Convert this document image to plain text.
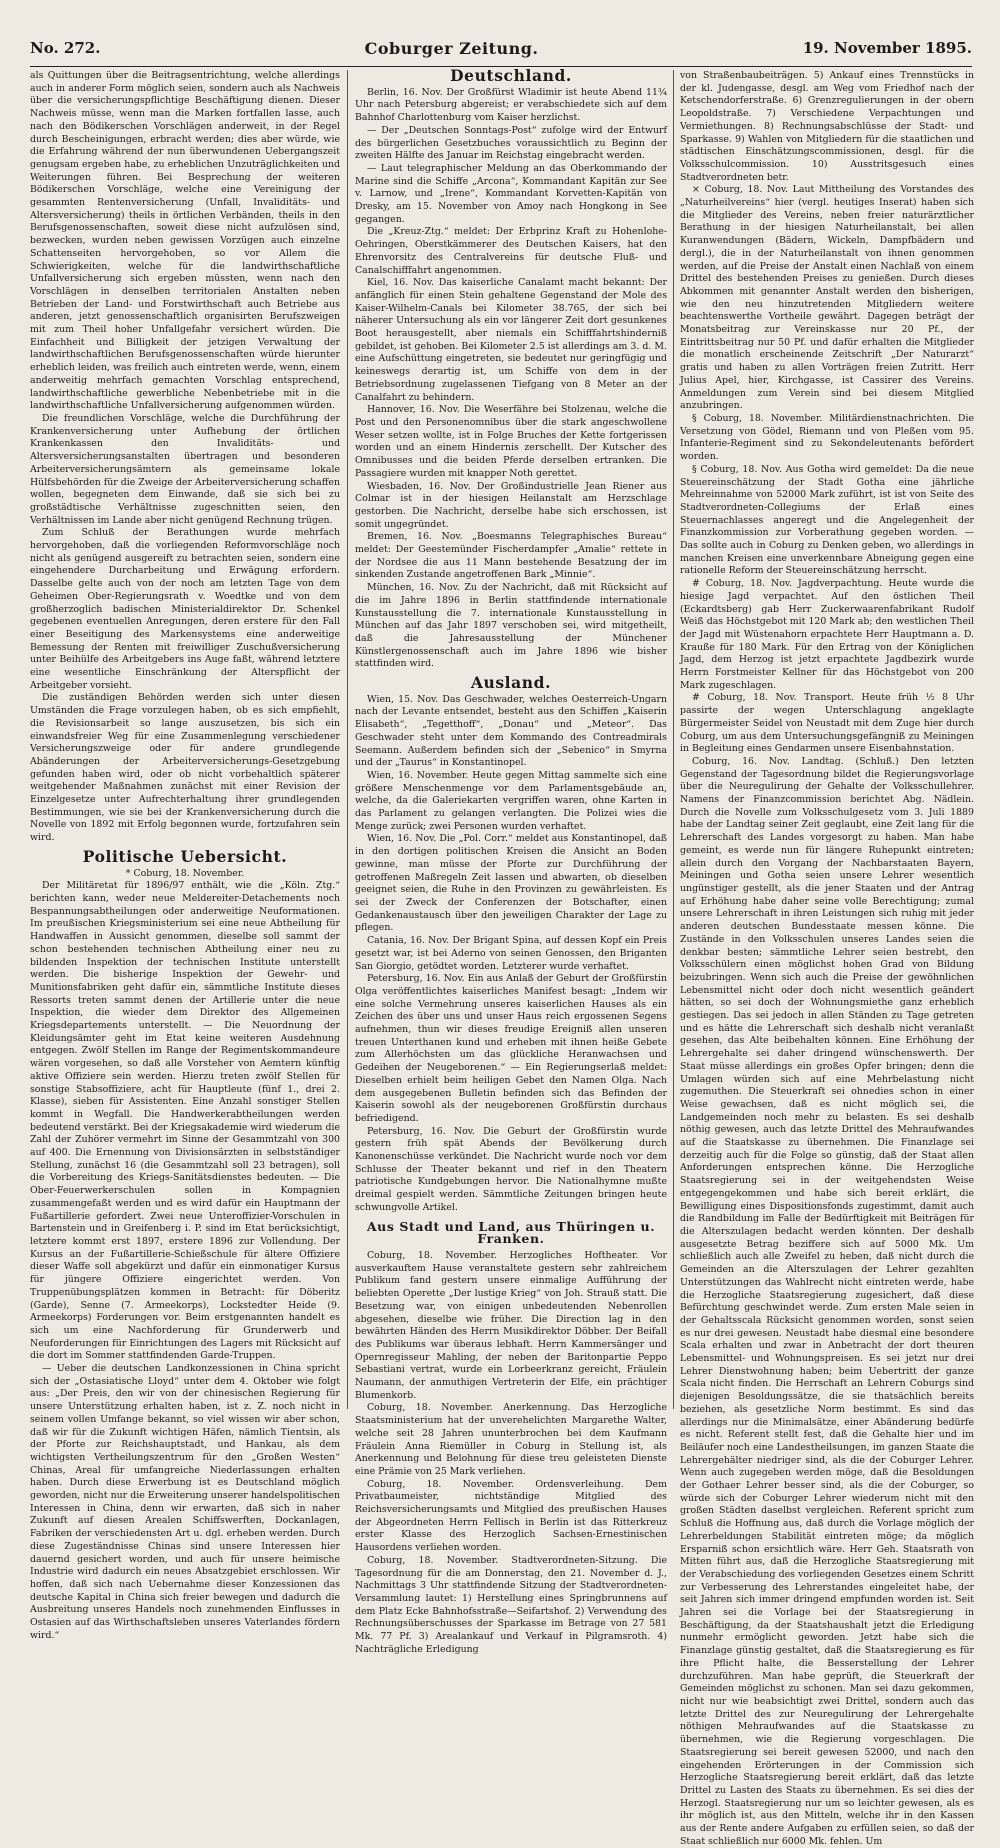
No. 272.	Coburger Zeitung.	19. November 1895.

als Quittungen über die Beitragsentrichtung, welche allerdings auch in anderer Form möglich seien, sondern auch als Nachweis über die versicherungspflichtige Beschäftigung dienen. Dieser Nachweis müsse, wenn man die Marken fortfallen lasse, auch nach den Bödikerschen Vorschlägen anderweit, in der Regel durch Bescheinigungen, erbracht werden; dies aber würde, wie die Erfahrung während der nun überwundenen Uebergangszeit genugsam ergeben habe, zu erheblichen Unzuträglichkeiten und Weiterungen führen. Bei Besprechung der weiteren Bödikerschen Vorschläge, welche eine Vereinigung der gesammten Rentenversicherung (Unfall, Invaliditäts- und Altersversicherung) theils in örtlichen Verbänden, theils in den Berufsgenossenschaften, soweit diese nicht aufzulösen sind, bezwecken, wurden neben gewissen Vorzügen auch einzelne Schattenseiten hervorgehoben, so vor Allem die Schwierigkeiten, welche für die landwirthschaftliche Unfallversicherung sich ergeben müssten, wenn nach den Vorschlägen in denselben territorialen Anstalten neben Betrieben der Land- und Forstwirthschaft auch Betriebe aus anderen, jetzt genossenschaftlich organisirten Berufszweigen mit zum Theil hoher Unfallgefahr versichert würden. Die Einfachheit und Billigkeit der jetzigen Verwaltung der landwirthschaftlichen Berufsgenossenschaften würde hierunter erheblich leiden, was freilich auch eintreten werde, wenn, einem anderweitig mehrfach gemachten Vorschlag entsprechend, landwirthschaftliche gewerbliche Nebenbetriebe mit in die landwirthschaftliche Unfallversicherung aufgenommen würden.

Die freundlichen Vorschläge, welche die Durchführung der Krankenversicherung unter Aufhebung der örtlichen Krankenkassen den Invaliditäts- und Altersversicherungsanstalten übertragen und besonderen Arbeiterversicherungsämtern als gemeinsame lokale Hülfsbehörden für die Zweige der Arbeiterversicherung schaffen wollen, begegneten dem Einwande, daß sie sich bei zu großstädtische Verhältnisse zugeschnitten seien, den Verhältnissen im Lande aber nicht genügend Rechnung trügen.

Zum Schluß der Berathungen wurde mehrfach hervorgehoben, daß die vorliegenden Reformvorschläge noch nicht als genügend ausgereift zu betrachten seien, sondern eine eingehendere Durcharbeitung und Erwägung erfordern. Dasselbe gelte auch von der noch am letzten Tage von dem Geheimen Ober-Regierungsrath v. Woedtke und von dem großherzoglich badischen Ministerialdirektor Dr. Schenkel gegebenen eventuellen Anregungen, deren erstere für den Fall einer Beseitigung des Markensystems eine anderweitige Bemessung der Renten mit freiwilliger Zuschußversicherung unter Beihülfe des Arbeitgebers ins Auge faßt, während letztere eine wesentliche Einschränkung der Alterspflicht der Arbeitgeber vorsieht.

Die zuständigen Behörden werden sich unter diesen Umständen die Frage vorzulegen haben, ob es sich empfiehlt, die Revisionsarbeit so lange auszusetzen, bis sich ein einwandsfreier Weg für eine Zusammenlegung verschiedener Versicherungszweige oder für andere grundlegende Abänderungen der Arbeiterversicherungs-Gesetzgebung gefunden haben wird, oder ob nicht vorbehaltlich späterer weitgehender Maßnahmen zunächst mit einer Revision der Einzelgesetze unter Aufrechterhaltung ihrer grundlegenden Bestimmungen, wie sie bei der Krankenversicherung durch die Novelle von 1892 mit Erfolg begonnen wurde, fortzufahren sein wird.

Politische Uebersicht.

* Coburg, 18. November.

Der Militäretat für 1896/97 enthält, wie die „Köln. Ztg.“ berichten kann, weder neue Meldereiter-Detachements noch Bespannungsabtheilungen oder anderweitige Neuformationen. Im preußischen Kriegsministerium sei eine neue Abtheilung für Handwaffen in Aussicht genommen, dieselbe soll sammt der schon bestehenden technischen Abtheilung einer neu zu bildenden Inspektion der technischen Institute unterstellt werden. Die bisherige Inspektion der Gewehr- und Munitionsfabriken geht dafür ein, sämmtliche Institute dieses Ressorts treten sammt denen der Artillerie unter die neue Inspektion, die wieder dem Direktor des Allgemeinen Kriegsdepartements unterstellt. — Die Neuordnung der Kleidungsämter geht im Etat keine weiteren Ausdehnung entgegen. Zwölf Stellen im Range der Regimentskommandeure wären vorgesehen, so daß alle Vorsteher von Aemtern künftig aktive Offiziere sein werden. Hierzu treten zwölf Stellen für sonstige Stabsoffiziere, acht für Hauptleute (fünf 1., drei 2. Klasse), sieben für Assistenten. Eine Anzahl sonstiger Stellen kommt in Wegfall. Die Handwerkerabtheilungen werden bedeutend verstärkt. Bei der Kriegsakademie wird wiederum die Zahl der Zuhörer vermehrt im Sinne der Gesammtzahl von 300 auf 400. Die Ernennung von Divisionsärzten in selbstständiger Stellung, zunächst 16 (die Gesammtzahl soll 23 betragen), soll die Vorbereitung des Kriegs-Sanitätsdienstes bedeuten. — Die Ober-Feuerwerkerschulen sollen in Kompagnien zusammengefaßt werden und es wird dafür ein Hauptmann der Fußartillerie gefordert. Zwei neue Unteroffizier-Vorschulen in Bartenstein und in Greifenberg i. P. sind im Etat berücksichtigt, letztere kommt erst 1897, erstere 1896 zur Vollendung. Der Kursus an der Fußartillerie-Schießschule für ältere Offiziere dieser Waffe soll abgekürzt und dafür ein einmonatiger Kursus für jüngere Offiziere eingerichtet werden. Von Truppenübungsplätzen kommen in Betracht: für Döberitz (Garde), Senne (7. Armeekorps), Lockstedter Heide (9. Armeekorps) Forderungen vor. Beim erstgenannten handelt es sich um eine Nachforderung für Grunderwerb und Neuforderungen für Einrichtungen des Lagers mit Rücksicht auf die dort im Sommer stattfindenden Garde-Truppen.

— Ueber die deutschen Landkonzessionen in China spricht sich der „Ostasiatische Lloyd“ unter dem 4. Oktober wie folgt aus: „Der Preis, den wir von der chinesischen Regierung für unsere Unterstützung erhalten haben, ist z. Z. noch nicht in seinem vollen Umfange bekannt, so viel wissen wir aber schon, daß wir für die Zukunft wichtigen Häfen, nämlich Tientsin, als der Pforte zur Reichshauptstadt, und Hankau, als dem wichtigsten Vertheilungszentrum für den „Großen Westen“ Chinas, Areal für umfangreiche Niederlassungen erhalten haben. Durch diese Erwerbung ist es Deutschland möglich geworden, nicht nur die Erweiterung unserer handelspolitischen Interessen in China, denn wir erwarten, daß sich in naher Zukunft auf diesen Arealen Schiffswerften, Dockanlagen, Fabriken der verschiedensten Art u. dgl. erheben werden. Durch diese Zugeständnisse Chinas sind unsere Interessen hier dauernd gesichert worden, und auch für unsere heimische Industrie wird dadurch ein neues Absatzgebiet erschlossen. Wir hoffen, daß sich nach Uebernahme dieser Konzessionen das deutsche Kapital in China sich freier bewegen und dadurch die Ausbreitung unseres Handels noch zunehmenden Einflusses in Ostasien auf das Wirthschaftsleben unseres Vaterlandes fördern wird.“

Deutschland.

Berlin, 16. Nov. Der Großfürst Wladimir ist heute Abend 11¾ Uhr nach Petersburg abgereist; er verabschiedete sich auf dem Bahnhof Charlottenburg vom Kaiser herzlichst.

— Der „Deutschen Sonntags-Post“ zufolge wird der Entwurf des bürgerlichen Gesetzbuches voraussichtlich zu Beginn der zweiten Hälfte des Januar im Reichstag eingebracht werden.

— Laut telegraphischer Meldung an das Oberkommando der Marine sind die Schiffe „Arcona“, Kommandant Kapitän zur See v. Larnow, und „Irene“, Kommandant Korvetten-Kapitän von Dresky, am 15. November von Amoy nach Hongkong in See gegangen.

Die „Kreuz-Ztg.“ meldet: Der Erbprinz Kraft zu Hohenlohe-Oehringen, Oberstkämmerer des Deutschen Kaisers, hat den Ehrenvorsitz des Centralvereins für deutsche Fluß- und Canalschifffahrt angenommen.

Kiel, 16. Nov. Das kaiserliche Canalamt macht bekannt: Der anfänglich für einen Stein gehaltene Gegenstand der Mole des Kaiser-Wilhelm-Canals bei Kilometer 38.765, der sich bei näherer Untersuchung als ein vor längerer Zeit dort gesunkenes Boot herausgestellt, aber niemals ein Schifffahrtshinderniß gebildet, ist gehoben. Bei Kilometer 2.5 ist allerdings am 3. d. M. eine Aufschüttung eingetreten, sie bedeutet nur geringfügig und keineswegs derartig ist, um Schiffe von dem in der Betriebsordnung zugelassenen Tiefgang von 8 Meter an der Canalfahrt zu behindern.

Hannover, 16. Nov. Die Weserfähre bei Stolzenau, welche die Post und den Personenomnibus über die stark angeschwollene Weser setzen wollte, ist in Folge Bruches der Kette fortgerissen worden und an einem Hindernis zerschellt. Der Kutscher des Omnibusses und die beiden Pferde derselben ertranken. Die Passagiere wurden mit knapper Noth gerettet.

Wiesbaden, 16. Nov. Der Großindustrielle Jean Riener aus Colmar ist in der hiesigen Heilanstalt am Herzschlage gestorben. Die Nachricht, derselbe habe sich erschossen, ist somit ungegründet.

Bremen, 16. Nov. „Boesmanns Telegraphisches Bureau“ meldet: Der Geestemünder Fischerdampfer „Amalie“ rettete in der Nordsee die aus 11 Mann bestehende Besatzung der im sinkenden Zustande angetroffenen Bark „Minnie“.

München, 16. Nov. Zu der Nachricht, daß mit Rücksicht auf die im Jahre 1896 in Berlin stattfindende internationale Kunstausstellung die 7. internationale Kunstausstellung in München auf das Jahr 1897 verschoben sei, wird mitgetheilt, daß die Jahresausstellung der Münchener Künstlergenossenschaft auch im Jahre 1896 wie bisher stattfinden wird.

Ausland.

Wien, 15. Nov. Das Geschwader, welches Oesterreich-Ungarn nach der Levante entsendet, besteht aus den Schiffen „Kaiserin Elisabeth“, „Tegetthoff“, „Donau“ und „Meteor“. Das Geschwader steht unter dem Kommando des Contreadmirals Seemann. Außerdem befinden sich der „Sebenico“ in Smyrna und der „Taurus“ in Konstantinopel.

Wien, 16. November. Heute gegen Mittag sammelte sich eine größere Menschenmenge vor dem Parlamentsgebäude an, welche, da die Galeriekarten vergriffen waren, ohne Karten in das Parlament zu gelangen verlangten. Die Polizei wies die Menge zurück; zwei Personen wurden verhaftet.

Wien, 16. Nov. Die „Pol. Corr.“ meldet aus Konstantinopel, daß in den dortigen politischen Kreisen die Ansicht an Boden gewinne, man müsse der Pforte zur Durchführung der getroffenen Maßregeln Zeit lassen und abwarten, ob dieselben geeignet seien, die Ruhe in den Provinzen zu gewährleisten. Es sei der Zweck der Conferenzen der Botschafter, einen Gedankenaustausch über den jeweiligen Charakter der Lage zu pflegen.

Catania, 16. Nov. Der Brigant Spina, auf dessen Kopf ein Preis gesetzt war, ist bei Aderno von seinen Genossen, den Briganten San Giorgio, getödtet worden. Letzterer wurde verhaftet.

Petersburg, 16. Nov. Ein aus Anlaß der Geburt der Großfürstin Olga veröffentlichtes kaiserliches Manifest besagt: „Indem wir eine solche Vermehrung unseres kaiserlichen Hauses als ein Zeichen des über uns und unser Haus reich ergossenen Segens aufnehmen, thun wir dieses freudige Ereigniß allen unseren treuen Unterthanen kund und erheben mit ihnen heiße Gebete zum Allerhöchsten um das glückliche Heranwachsen und Gedeihen der Neugeborenen.“ — Ein Regierungserlaß meldet: Dieselben erhielt beim heiligen Gebet den Namen Olga. Nach dem ausgegebenen Bulletin befinden sich das Befinden der Kaiserin sowohl als der neugeborenen Großfürstin durchaus befriedigend.

Petersburg, 16. Nov. Die Geburt der Großfürstin wurde gestern früh spät Abends der Bevölkerung durch Kanonenschüsse verkündet. Die Nachricht wurde noch vor dem Schlusse der Theater bekannt und rief in den Theatern patriotische Kundgebungen hervor. Die Nationalhymne mußte dreimal gespielt werden. Sämmtliche Zeitungen bringen heute schwungvolle Artikel.

Aus Stadt und Land, aus Thüringen u. Franken.

Coburg, 18. November. Herzogliches Hoftheater. Vor ausverkauftem Hause veranstaltete gestern sehr zahlreichem Publikum fand gestern unsere einmalige Aufführung der beliebten Operette „Der lustige Krieg“ von Joh. Strauß statt. Die Besetzung war, von einigen unbedeutenden Nebenrollen abgesehen, dieselbe wie früher. Die Direction lag in den bewährten Händen des Herrn Musikdirektor Döbber. Der Beifall des Publikums war überaus lebhaft. Herrn Kammersänger und Opernregisseur Mahling, der neben der Baritonpartie Peppo Sebastiani vertrat, wurde ein Lorbeerkranz gereicht, Fräulein Naumann, der anmuthigen Vertreterin der Elfe, ein prächtiger Blumenkorb.

Coburg, 18. November. Anerkennung. Das Herzogliche Staatsministerium hat der unverehelichten Margarethe Walter, welche seit 28 Jahren ununterbrochen bei dem Kaufmann Fräulein Anna Riemüller in Coburg in Stellung ist, als Anerkennung und Belohnung für diese treu geleisteten Dienste eine Prämie von 25 Mark verliehen.

Coburg, 18. November. Ordensverleihung. Dem Privatbaumeister, nichtständige Mitglied des Reichsversicherungsamts und Mitglied des preußischen Hauses der Abgeordneten Herrn Fellisch in Berlin ist das Ritterkreuz erster Klasse des Herzoglich Sachsen-Ernestinischen Hausordens verliehen worden.

Coburg, 18. November. Stadtverordneten-Sitzung. Die Tagesordnung für die am Donnerstag, den 21. November d. J., Nachmittags 3 Uhr stattfindende Sitzung der Stadtverordneten-Versammlung lautet: 1) Herstellung eines Springbrunnens auf dem Platz Ecke Bahnhofsstraße—Seifartshof. 2) Verwendung des Rechnungsüberschusses der Sparkasse im Betrage von 27 581 Mk. 77 Pf. 3) Arealankauf und Verkauf in Pilgramsroth. 4) Nachträgliche Erledigung

von Straßenbaubeiträgen. 5) Ankauf eines Trennstücks in der kl. Judengasse, desgl. am Weg vom Friedhof nach der Ketschendorferstraße. 6) Grenzregulierungen in der obern Leopoldstraße. 7) Verschiedene Verpachtungen und Vermiethungen. 8) Rechnungsabschlüsse der Stadt- und Sparkasse. 9) Wahlen von Mitgliedern für die staatlichen und städtischen Einschätzungscommissionen, desgl. für die Volksschulcommission. 10) Ausstritsgesuch eines Stadtverordneten betr.

× Coburg, 18. Nov. Laut Mittheilung des Vorstandes des „Naturheilvereins“ hier (vergl. heutiges Inserat) haben sich die Mitglieder des Vereins, neben freier naturärztlicher Berathung in der hiesigen Naturheilanstalt, bei allen Kuranwendungen (Bädern, Wickeln, Dampfbädern und dergl.), die in der Naturheilanstalt von ihnen genommen werden, auf die Preise der Anstalt einen Nachlaß von einem Drittel des bestehenden Preises zu genießen. Durch dieses Abkommen mit genannter Anstalt werden den bisherigen, wie den neu hinzutretenden Mitgliedern weitere beachtenswerthe Vortheile gewährt. Dagegen beträgt der Monatsbeitrag zur Vereinskasse nur 20 Pf., der Eintrittsbeitrag nur 50 Pf. und dafür erhalten die Mitglieder die monatlich erscheinende Zeitschrift „Der Naturarzt“ gratis und haben zu allen Vorträgen freien Zutritt. Herr Julius Apel, hier, Kirchgasse, ist Cassirer des Vereins. Anmeldungen zum Verein sind bei diesem Mitglied anzubringen.

§ Coburg, 18. November. Militärdienstnachrichten. Die Versetzung von Gödel, Riemann und von Pleßen vom 95. Infanterie-Regiment sind zu Sekondeleutenants befördert worden.

§ Coburg, 18. Nov. Aus Gotha wird gemeldet: Da die neue Steuereinschätzung der Stadt Gotha eine jährliche Mehreinnahme von 52000 Mark zuführt, ist ist von Seite des Stadtverordneten-Collegiums der Erlaß eines Steuernachlasses angeregt und die Angelegenheit der Finanzkommission zur Vorberathung gegeben worden. — Das sollte auch in Coburg zu Denken geben, wo allerdings in manchen Kreisen eine unverkennbare Abneigung gegen eine rationelle Reform der Steuereinschätzung herrscht.

# Coburg, 18. Nov. Jagdverpachtung. Heute wurde die hiesige Jagd verpachtet. Auf den östlichen Theil (Eckardtsberg) gab Herr Zuckerwaarenfabrikant Rudolf Weiß das Höchstgebot mit 120 Mark ab; den westlichen Theil der Jagd mit Wüstenahorn erpachtete Herr Hauptmann a. D. Krauße für 180 Mark. Für den Ertrag von der Königlichen Jagd, dem Herzog ist jetzt erpachtete Jagdbezirk wurde Herrn Forstmeister Kellner für das Höchstgebot von 200 Mark zugeschlagen.

# Coburg, 18. Nov. Transport. Heute früh ½ 8 Uhr passirte der wegen Unterschlagung angeklagte Bürgermeister Seidel von Neustadt mit dem Zuge hier durch Coburg, um aus dem Untersuchungsgefängniß zu Meiningen in Begleitung eines Gendarmen unsere Eisenbahnstation.

Coburg, 16. Nov. Landtag. (Schluß.) Den letzten Gegenstand der Tagesordnung bildet die Regierungsvorlage über die Neuregulirung der Gehalte der Volksschullehrer. Namens der Finanzcommission berichtet Abg. Nädlein. Durch die Novelle zum Volksschulgesetz vom 3. Juli 1889 habe der Landtag seiner Zeit geglaubt, eine Zeit lang für die Lehrerschaft des Landes vorgesorgt zu haben. Man habe gemeint, es werde nun für längere Ruhepunkt eintreten; allein durch den Vorgang der Nachbarstaaten Bayern, Meiningen und Gotha seien unsere Lehrer wesentlich ungünstiger gestellt, als die jener Staaten und der Antrag auf Erhöhung habe daher seine volle Berechtigung; zumal unsere Lehrerschaft in ihren Leistungen sich ruhig mit jeder anderen deutschen Bundesstaate messen könne. Die Zustände in den Volksschulen unseres Landes seien die denkbar besten; sämmtliche Lehrer seien bestrebt, den Volksschülern einen möglichst hohen Grad von Bildung beizubringen. Wenn sich auch die Preise der gewöhnlichen Lebensmittel nicht oder doch nicht wesentlich geändert hätten, so sei doch der Wohnungsmiethe ganz erheblich gestiegen. Das sei jedoch in allen Ständen zu Tage getreten und es hätte die Lehrerschaft sich deshalb nicht veranlaßt gesehen, das Alte beibehalten können. Eine Erhöhung der Lehrergehalte sei daher dringend wünschenswerth. Der Staat müsse allerdings ein großes Opfer bringen; denn die Umlagen würden sich auf eine Mehrbelastung nicht zugemuthen. Die Steuerkraft sei ohnedies schon in einer Weise gewachsen, daß es nicht möglich sei, die Landgemeinden noch mehr zu belasten. Es sei deshalb nöthig gewesen, auch das letzte Drittel des Mehraufwandes auf die Staatskasse zu übernehmen. Die Finanzlage sei derzeitig auch für die Folge so günstig, daß der Staat allen Anforderungen entsprechen könne. Die Herzogliche Staatsregierung sei in der weitgehendsten Weise entgegengekommen und habe sich bereit erklärt, die Bewilligung eines Dispositionsfonds zugestimmt, damit auch die Randbildung im Falle der Bedürftigkeit mit Beiträgen für die Alterszulagen bedacht werden könnten. Der deshalb ausgesetzte Betrag beziffere sich auf 5000 Mk. Um schließlich auch alle Zweifel zu heben, daß nicht durch die Gemeinden an die Alterszulagen der Lehrer gezahlten Unterstützungen das Wahlrecht nicht eintreten werde, habe die Herzogliche Staatsregierung zugesichert, daß diese Befürchtung geschwindet werde. Zum ersten Male seien in der Gehaltsscala Rücksicht genommen worden, sonst seien es nur drei gewesen. Neustadt habe diesmal eine besondere Scala erhalten und zwar in Anbetracht der dort theuren Lebensmittel- und Wohnungspreisen. Es sei jetzt nur drei Lehrer Dienstwohnung haben; beim Uebertritt der ganze Scala nicht finden. Die Herrschaft an Lehrern Coburgs sind diejenigen Besoldungssätze, die sie thatsächlich bereits beziehen, als gesetzliche Norm bestimmt. Es sind das allerdings nur die Minimalsätze, einer Abänderung bedürfe es nicht. Referent stellt fest, daß die Gehalte hier und im Beiläufer noch eine Landestheilsungen, im ganzen Staate die Lehrergehälter niedriger sind, als die der Coburger Lehrer. Wenn auch zugegeben werden möge, daß die Besoldungen der Gothaer Lehrer besser sind, als die der Coburger, so würde sich der Coburger Lehrer wiederum nicht mit den großen Städten daselbst vergleichen. Referent spricht zum Schluß die Hoffnung aus, daß durch die Vorlage möglich der Lehrerbeldungen Stabilität eintreten möge; da möglich Ersparniß schon ersichtlich wäre. Herr Geh. Staatsrath von Mitten führt aus, daß die Herzogliche Staatsregierung mit der Verabschiedung des vorliegenden Gesetzes einem Schritt zur Verbesserung des Lehrerstandes eingeleitet habe, der seit Jahren sich immer dringend empfunden worden ist. Seit Jahren sei die Vorlage bei der Staatsregierung in Beschäftigung, da der Staatshaushalt jetzt die Erledigung nunmehr ermöglicht geworden. Jetzt habe sich die Finanzlage günstig gestaltet, daß die Staatsregierung es für ihre Pflicht halte, die Besserstellung der Lehrer durchzuführen. Man habe geprüft, die Steuerkraft der Gemeinden möglichst zu schonen. Man sei dazu gekommen, nicht nur wie beabsichtigt zwei Drittel, sondern auch das letzte Drittel des zur Neuregulirung der Lehrergehalte nöthigen Mehraufwandes auf die Staatskasse zu übernehmen, wie die Regierung vorgeschlagen. Die Staatsregierung sei bereit gewesen 52000, und nach den eingehenden Erörterungen in der Commission sich Herzogliche Staatsregierung bereit erklärt, daß das letzte Drittel zu Lasten des Staats zu übernehmen. Es sei dies der Herzogl. Staatsregierung nur um so leichter gewesen, als es ihr möglich ist, aus den Mitteln, welche ihr in den Kassen aus der Rente andere Aufgaben zu erfüllen seien, so daß der Staat schließlich nur 6000 Mk. fehlen. Um
